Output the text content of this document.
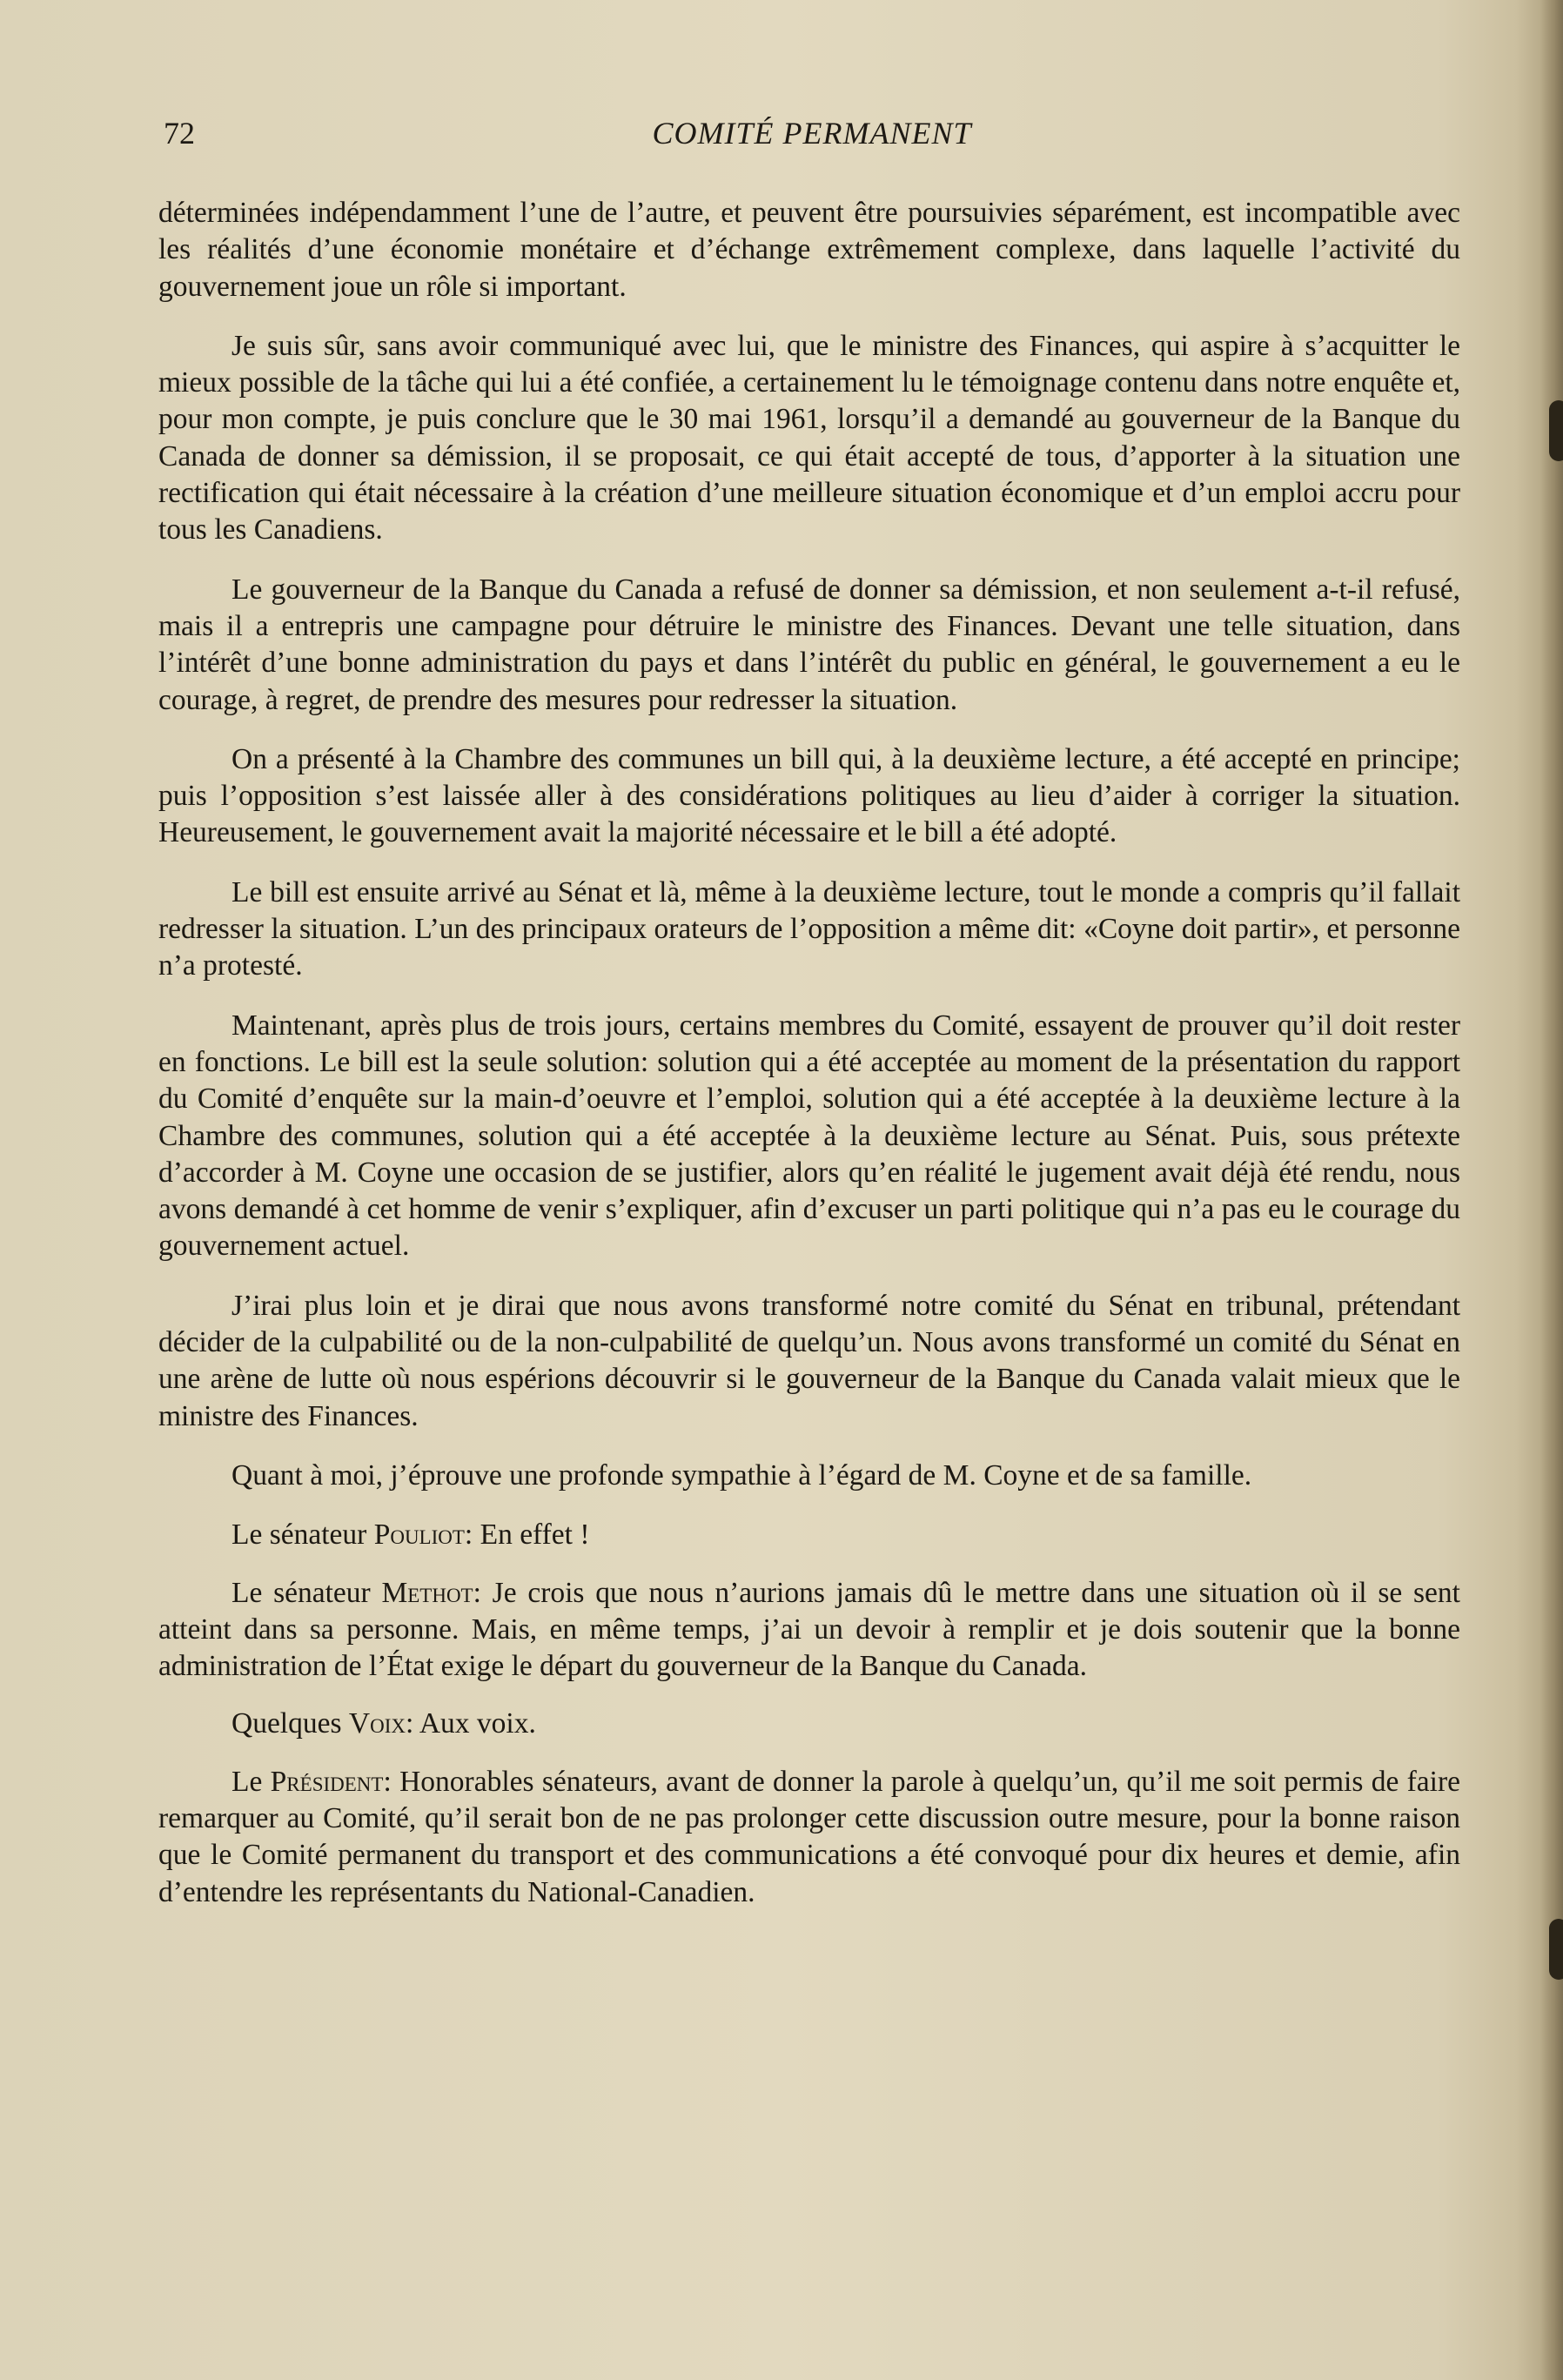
72	COMITÉ PERMANENT

déterminées indépendamment l’une de l’autre, et peuvent être poursuivies séparément, est incompatible avec les réalités d’une économie monétaire et d’échange extrêmement complexe, dans laquelle l’activité du gouvernement joue un rôle si important.

Je suis sûr, sans avoir communiqué avec lui, que le ministre des Finances, qui aspire à s’acquitter le mieux possible de la tâche qui lui a été confiée, a certainement lu le témoignage contenu dans notre enquête et, pour mon compte, je puis conclure que le 30 mai 1961, lorsqu’il a demandé au gouverneur de la Banque du Canada de donner sa démission, il se proposait, ce qui était accepté de tous, d’apporter à la situation une rectification qui était nécessaire à la création d’une meilleure situation économique et d’un emploi accru pour tous les Canadiens.

Le gouverneur de la Banque du Canada a refusé de donner sa démission, et non seulement a-t-il refusé, mais il a entrepris une campagne pour détruire le ministre des Finances. Devant une telle situation, dans l’intérêt d’une bonne administration du pays et dans l’intérêt du public en général, le gouvernement a eu le courage, à regret, de prendre des mesures pour redresser la situation.

On a présenté à la Chambre des communes un bill qui, à la deuxième lecture, a été accepté en principe; puis l’opposition s’est laissée aller à des considérations politiques au lieu d’aider à corriger la situation. Heureusement, le gouvernement avait la majorité nécessaire et le bill a été adopté.

Le bill est ensuite arrivé au Sénat et là, même à la deuxième lecture, tout le monde a compris qu’il fallait redresser la situation. L’un des principaux orateurs de l’opposition a même dit: «Coyne doit partir», et personne n’a protesté.

Maintenant, après plus de trois jours, certains membres du Comité, essayent de prouver qu’il doit rester en fonctions. Le bill est la seule solution: solution qui a été acceptée au moment de la présentation du rapport du Comité d’enquête sur la main-d’oeuvre et l’emploi, solution qui a été acceptée à la deuxième lecture à la Chambre des communes, solution qui a été acceptée à la deuxième lecture au Sénat. Puis, sous prétexte d’accorder à M. Coyne une occasion de se justifier, alors qu’en réalité le jugement avait déjà été rendu, nous avons demandé à cet homme de venir s’expliquer, afin d’excuser un parti politique qui n’a pas eu le courage du gouvernement actuel.

J’irai plus loin et je dirai que nous avons transformé notre comité du Sénat en tribunal, prétendant décider de la culpabilité ou de la non-culpabilité de quelqu’un. Nous avons transformé un comité du Sénat en une arène de lutte où nous espérions découvrir si le gouverneur de la Banque du Canada valait mieux que le ministre des Finances.

Quant à moi, j’éprouve une profonde sympathie à l’égard de M. Coyne et de sa famille.

Le sénateur Pouliot: En effet !

Le sénateur Methot: Je crois que nous n’aurions jamais dû le mettre dans une situation où il se sent atteint dans sa personne. Mais, en même temps, j’ai un devoir à remplir et je dois soutenir que la bonne administration de l’État exige le départ du gouverneur de la Banque du Canada.

Quelques Voix: Aux voix.

Le Président: Honorables sénateurs, avant de donner la parole à quelqu’un, qu’il me soit permis de faire remarquer au Comité, qu’il serait bon de ne pas prolonger cette discussion outre mesure, pour la bonne raison que le Comité permanent du transport et des communications a été convoqué pour dix heures et demie, afin d’entendre les représentants du National-Canadien.
